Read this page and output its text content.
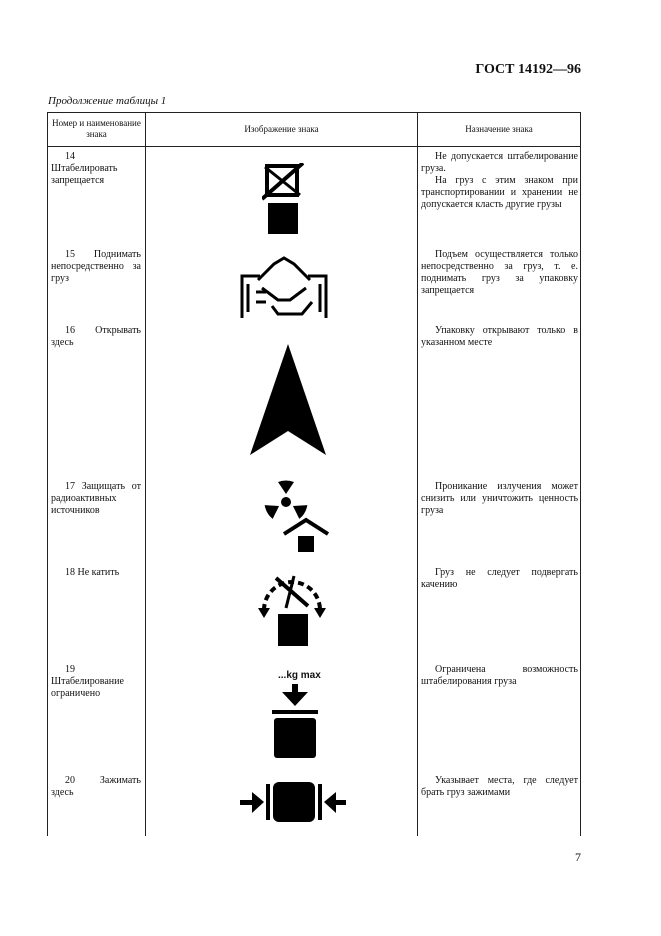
ГОСТ 14192—96
Продолжение таблицы 1
Номер и наименование знака
Изображение знака	Назначение знака
14 Штабелировать запрещается

Не допускается штабелирование груза.

На груз с этим знаком при транспортировании и хранении не допускается класть другие грузы

15 Поднимать непосредственно за груз

Подъем осуществляется только непосредственно за груз, т. е. поднимать груз за упаковку запрещается

16 Открывать здесь

Упаковку открывают только в указанном месте

17 Защищать от радиоактивных источников

Проникание излучения может снизить или уничтожить ценность груза

18 Не катить	Груз не следует подвергать качению

19 Штабелирование ограничено

Ограничена возможность штабелирования груза

...kg max
20 Зажимать здесь

Указывает места, где следует брать груз зажимами

7
